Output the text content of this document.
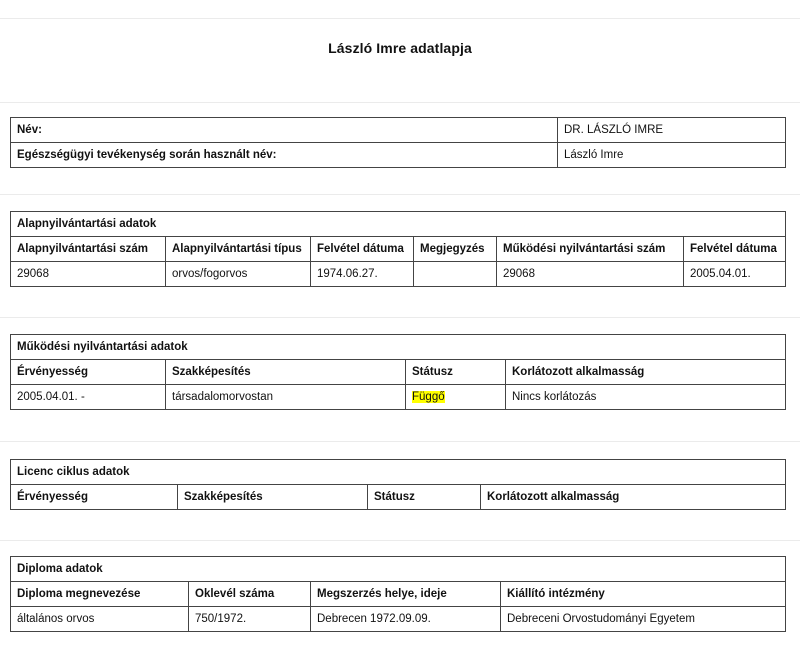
László Imre adatlapja
Név:	DR. LÁSZLÓ IMRE
Egészségügyi tevékenység során használt név:	László Imre
Alapnyilvántartási adatok					
Alapnyilvántartási szám	Alapnyilvántartási típus	Felvétel dátuma	Megjegyzés	Működési nyilvántartási szám	Felvétel dátuma
29068	orvos/fogorvos	1974.06.27.		29068	2005.04.01.
Működési nyilvántartási adatok			
Érvényesség	Szakképesítés	Státusz	Korlátozott alkalmasság
2005.04.01. -	társadalomorvostan	Függő	Nincs korlátozás
Licenc ciklus adatok
Érvényesség	Szakképesítés	Státusz	Korlátozott alkalmasság
Diploma adatok			
Diploma megnevezése	Oklevél száma	Megszerzés helye, ideje	Kiállító intézmény
általános orvos	750/1972.	Debrecen 1972.09.09.	Debreceni Orvostudományi Egyetem
